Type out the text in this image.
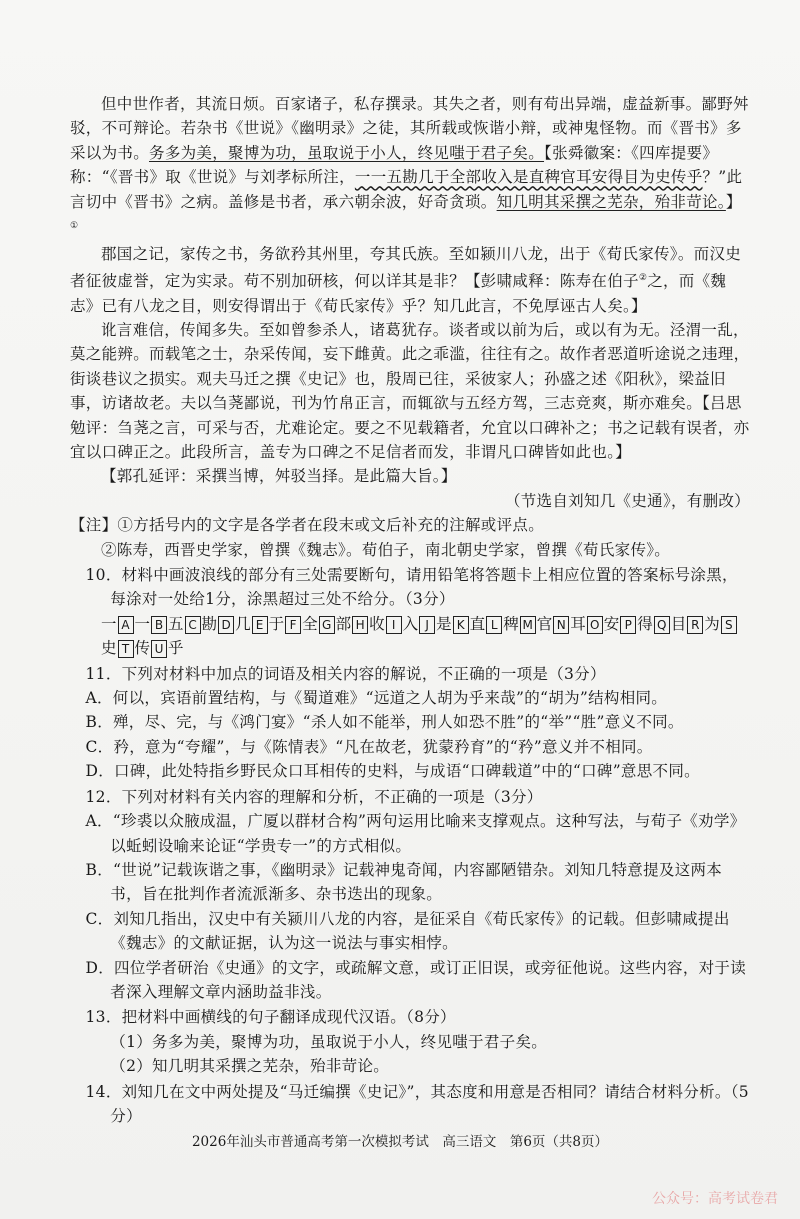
但中世作者，其流日烦。百家诸子，私存撰录。其失之者，则有苟出异端，虚益新事。鄙野舛驳，不可辩论。若杂书《世说》《幽明录》之徒，其所载或恢谐小辩，或神鬼怪物。而《晋书》多采以为书。务多为美，聚博为功，虽取说于小人，终见嗤于君子矣。【张舜徽案：《四库提要》称：“《晋书》取《世说》与刘孝标所注，一一五勘几于全部收入是直稗官耳安得目为史传乎？”此言切中《晋书》之病。盖修是书者，承六朝余波，好奇贪琐。知几明其采撰之芜杂，殆非苛论。】①

郡国之记，家传之书，务欲矜其州里，夸其氏族。至如颍川八龙，出于《荀氏家传》。而汉史者征彼虚誉，定为实录。苟不别加研核，何以详其是非？【彭啸咸释：陈寿在伯子②之，而《魏志》已有八龙之目，则安得谓出于《荀氏家传》乎？知几此言，不免厚诬古人矣。】

讹言难信，传闻多失。至如曾参杀人，诸葛犹存。谈者或以前为后，或以有为无。泾渭一乱，莫之能辨。而载笔之士，杂采传闻，妄下雌黄。此之乖滥，往往有之。故作者恶道听途说之违理，街谈巷议之损实。观夫马迁之撰《史记》也，殷周已往，采彼家人；孙盛之述《阳秋》，梁益旧事，访诸故老。夫以刍荛鄙说，刊为竹帛正言，而辄欲与五经方驾，三志竞爽，斯亦难矣。【吕思勉评：刍荛之言，可采与否，尤难论定。要之不见载籍者，允宜以口碑补之；书之记载有误者，亦宜以口碑正之。此段所言，盖专为口碑之不足信者而发，非谓凡口碑皆如此也。】

【郭孔延评：采撰当博，舛驳当择。是此篇大旨。】

（节选自刘知几《史通》，有删改）

【注】①方括号内的文字是各学者在段末或文后补充的注解或评点。

②陈寿，西晋史学家，曾撰《魏志》。荀伯子，南北朝史学家，曾撰《荀氏家传》。

10．材料中画波浪线的部分有三处需要断句，请用铅笔将答题卡上相应位置的答案标号涂黑，每涂对一处给1分，涂黑超过三处不给分。（3分）

一 A 一 B 五 C 勘 D 几 E 于 F 全 G 部 H 收 I 入 J 是 K 直 L 稗 M 官 N 耳 O 安 P 得 Q 目 R 为 S史 T 传 U 乎

11．下列对材料中加点的词语及相关内容的解说，不正确的一项是（3分）

A．何以，宾语前置结构，与《蜀道难》“远道之人胡为乎来哉”的“胡为”结构相同。

B．殚，尽、完，与《鸿门宴》“杀人如不能举，刑人如恐不胜”的“举”“胜”意义不同。

C．矜，意为“夸耀”，与《陈情表》“凡在故老，犹蒙矜育”的“矜”意义并不相同。

D．口碑，此处特指乡野民众口耳相传的史料，与成语“口碑载道”中的“口碑”意思不同。

12．下列对材料有关内容的理解和分析，不正确的一项是（3分）

A．“珍裘以众腋成温，广厦以群材合构”两句运用比喻来支撑观点。这种写法，与荀子《劝学》以蚯蚓设喻来论证“学贵专一”的方式相似。

B．“世说”记载诙谐之事，《幽明录》记载神鬼奇闻，内容鄙陋错杂。刘知几特意提及这两本书，旨在批判作者流派渐多、杂书迭出的现象。

C．刘知几指出，汉史中有关颍川八龙的内容，是征采自《荀氏家传》的记载。但彭啸咸提出《魏志》的文献证据，认为这一说法与事实相悖。

D．四位学者研治《史通》的文字，或疏解文意，或订正旧误，或旁征他说。这些内容，对于读者深入理解文章内涵助益非浅。

13．把材料中画横线的句子翻译成现代汉语。（8分）

（1）务多为美，聚博为功，虽取说于小人，终见嗤于君子矣。

（2）知几明其采撰之芜杂，殆非苛论。

14．刘知几在文中两处提及“马迁编撰《史记》”，其态度和用意是否相同？请结合材料分析。（5分）

2026年汕头市普通高考第一次模拟考试　高三语文　第6页（共8页）
公众号：高考试卷君
